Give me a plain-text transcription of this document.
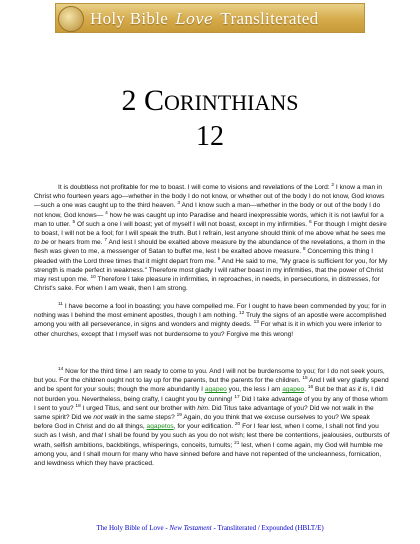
Holy Bible Love Transliterated
2 CORINTHIANS
12
It is doubtless not profitable for me to boast. I will come to visions and revelations of the Lord: $^2$ I know a man in Christ who fourteen years ago—whether in the body I do not know, or whether out of the body I do not know, God knows—such a one was caught up to the third heaven. $^3$ And I know such a man—whether in the body or out of the body I do not know, God knows— $^4$ how he was caught up into Paradise and heard inexpressible words, which it is not lawful for a man to utter. $^5$ Of such a one I will boast; yet of myself I will not boast, except in my infirmities. $^6$ For though I might desire to boast, I will not be a fool; for I will speak the truth. But I refrain, lest anyone should think of me above what he sees me to be or hears from me. $^7$ And lest I should be exalted above measure by the abundance of the revelations, a thorn in the flesh was given to me, a messenger of Satan to buffet me, lest I be exalted above measure. $^8$ Concerning this thing I pleaded with the Lord three times that it might depart from me. $^9$ And He said to me, "My grace is sufficient for you, for My strength is made perfect in weakness." Therefore most gladly I will rather boast in my infirmities, that the power of Christ may rest upon me. $^{10}$ Therefore I take pleasure in infirmities, in reproaches, in needs, in persecutions, in distresses, for Christ's sake. For when I am weak, then I am strong.
$^{11}$ I have become a fool in boasting; you have compelled me. For I ought to have been commended by you; for in nothing was I behind the most eminent apostles, though I am nothing. $^{12}$ Truly the signs of an apostle were accomplished among you with all perseverance, in signs and wonders and mighty deeds. $^{13}$ For what is it in which you were inferior to other churches, except that I myself was not burdensome to you? Forgive me this wrong!
$^{14}$ Now for the third time I am ready to come to you. And I will not be burdensome to you; for I do not seek yours, but you. For the children ought not to lay up for the parents, but the parents for the children. $^{15}$ And I will very gladly spend and be spent for your souls; though the more abundantly I agapeo you, the less I am agapeo. $^{16}$ But be that as it is, I did not burden you. Nevertheless, being crafty, I caught you by cunning! $^{17}$ Did I take advantage of you by any of those whom I sent to you? $^{18}$ I urged Titus, and sent our brother with him. Did Titus take advantage of you? Did we not walk in the same spirit? Did we not walk in the same steps? $^{19}$ Again, do you think that we excuse ourselves to you? We speak before God in Christ and do all things, agapetos, for your edification. $^{20}$ For I fear lest, when I come, I shall not find you such as I wish, and that I shall be found by you such as you do not wish; lest there be contentions, jealousies, outbursts of wrath, selfish ambitions, backbitings, whisperings, conceits, tumults; $^{21}$ lest, when I come again, my God will humble me among you, and I shall mourn for many who have sinned before and have not repented of the uncleanness, fornication, and lewdness which they have practiced.
The Holy Bible of Love - New Testament - Transliterated / Expounded (HBLT/E)
